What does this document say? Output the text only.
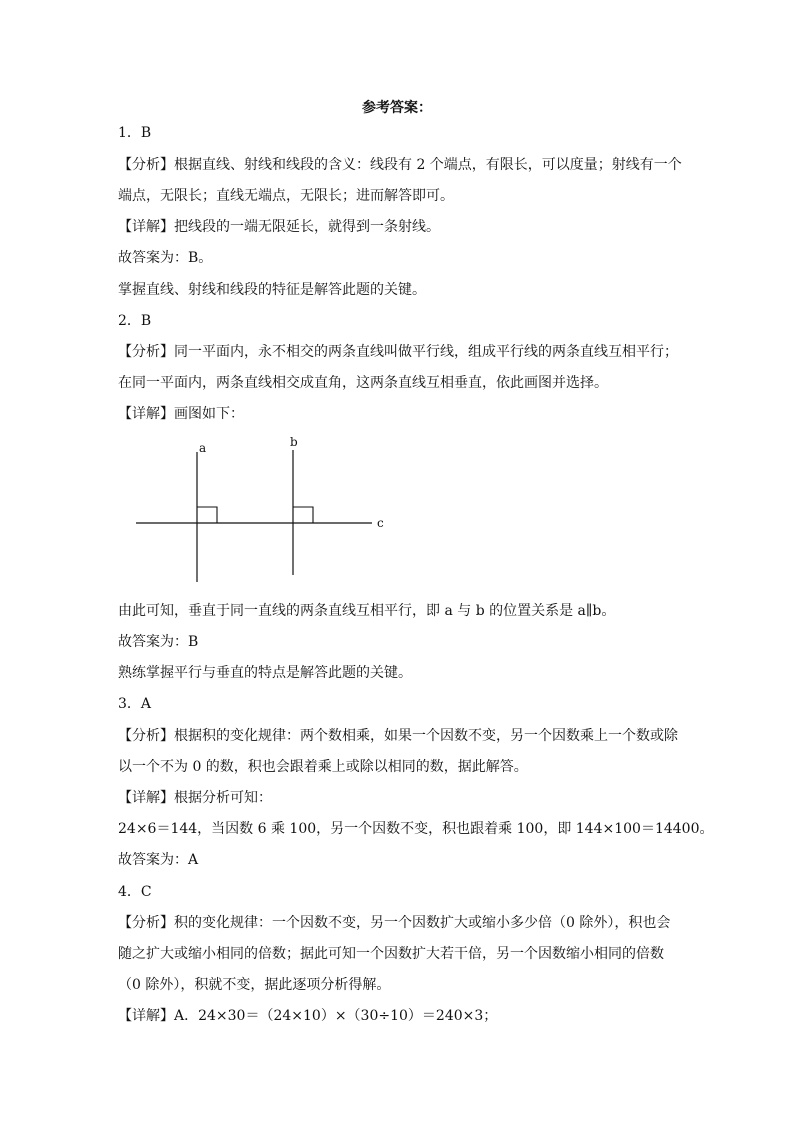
参考答案：
1．B
【分析】根据直线、射线和线段的含义：线段有 2 个端点，有限长，可以度量；射线有一个
端点，无限长；直线无端点，无限长；进而解答即可。
【详解】把线段的一端无限延长，就得到一条射线。
故答案为：B。
掌握直线、射线和线段的特征是解答此题的关键。
2．B
【分析】同一平面内，永不相交的两条直线叫做平行线，组成平行线的两条直线互相平行；
在同一平面内，两条直线相交成直角，这两条直线互相垂直，依此画图并选择。
【详解】画图如下：
a	b
c
由此可知，垂直于同一直线的两条直线互相平行，即 a 与 b 的位置关系是 a∥b。
故答案为：B
熟练掌握平行与垂直的特点是解答此题的关键。
3．A
【分析】根据积的变化规律：两个数相乘，如果一个因数不变，另一个因数乘上一个数或除
以一个不为 0 的数，积也会跟着乘上或除以相同的数，据此解答。
【详解】根据分析可知：
24×6＝144，当因数 6 乘 100，另一个因数不变，积也跟着乘 100，即 144×100＝14400。
故答案为：A
4．C
【分析】积的变化规律：一个因数不变，另一个因数扩大或缩小多少倍（0 除外），积也会
随之扩大或缩小相同的倍数；据此可知一个因数扩大若干倍，另一个因数缩小相同的倍数
（0 除外），积就不变，据此逐项分析得解。
【详解】A．24×30＝（24×10）×（30÷10）＝240×3；
